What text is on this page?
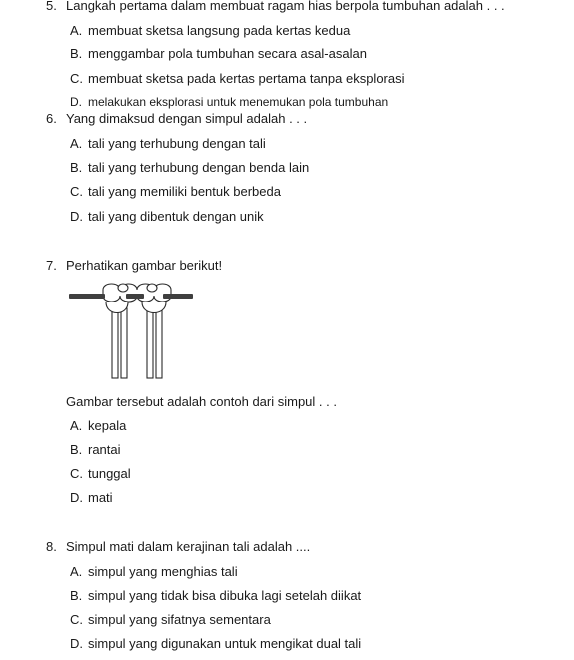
5. Langkah pertama dalam membuat ragam hias berpola tumbuhan adalah . . .
A. membuat sketsa langsung pada kertas kedua
B. menggambar pola tumbuhan secara asal-asalan
C. membuat sketsa pada kertas pertama tanpa eksplorasi
D. melakukan eksplorasi untuk menemukan pola tumbuhan
6. Yang dimaksud dengan simpul adalah . . .
A. tali yang terhubung dengan tali
B. tali yang terhubung dengan benda lain
C. tali yang memiliki bentuk berbeda
D. tali yang dibentuk dengan unik
7. Perhatikan gambar berikut!
Gambar tersebut adalah contoh dari simpul . . .
A. kepala
B. rantai
C. tunggal
D. mati
8. Simpul mati dalam kerajinan tali adalah ....
A. simpul yang menghias tali
B. simpul yang tidak bisa dibuka lagi setelah diikat
C. simpul yang sifatnya sementara
D. simpul yang digunakan untuk mengikat dual tali
